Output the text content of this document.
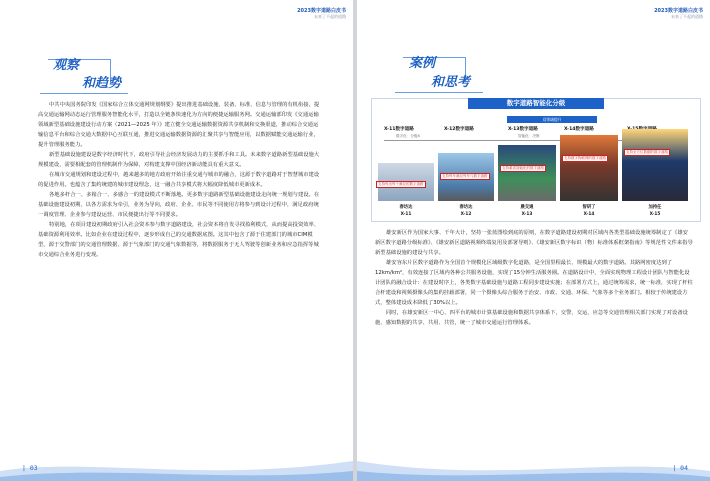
2023数字道路白皮书
未来了不起的道路
观察
和趋势

中共中央国务院印发《国家综合立体交通网规划纲要》提出推进基础设施、装备、标准、信息与管理的有机衔接，提高交通运输网动态运行管理服务智能化水平，打造以全链条快速化为方向的便捷运输服务网。交通运输部印发《交通运输领域新型基础设施建设行动方案（2021—2025 年）》建立健全交通运输数据资源共享机制和交换渠道，推动综合交通运输信息平台和综合交通大数据中心互联互通，推进交通运输数据资源的汇聚共享与智能应用，以数据赋能交通运输行业，提升管理服务能力。

新型基础设施建设是数字经济时代下，政府引导社会经济发展动力的主要抓手和工具。未来数字道路新型基础设施大规模建设，需要相配套的管理机制作为保障，对构建支撑中国经济新动能具有重大意义。

在城市交通规划和建设过程中，越来越多的地方政府开始注重交通与城市的融合，这源于数字道路对于智慧城市建设的促进作用。也蕴含了集约统建的城市建设理念，这一融合共享模式将大幅度降低城市更新成本。

各地多杆合一、多箱合一、多感合一的建设模式不断落地。更多数字道路新型基础设施建设走向统一规划与建设。在基础设施建设初期，以各方需求为牵引，业务为导向，政府、企业、市民等不同使用方将参与到设计过程中，满足政府统一调度管理、企业参与建设运营、市民便捷出行等不同要求。

特别地，在项目建设初期政府引入社会资本参与数字道路建设，社会资本将自发寻找盈利模式，从而提高投资效率、基础资源利用效率。比如企业在建设过程中，逐步形成自己的交通数据底图。这其中包含了源于住建部门的城市CIM模型，源于交警部门的交通管理数据、源于气象部门的交通气象数据等，将数据服务于无人驾驶等创新业务和应急指挥等城市交通综合业务进行变现。

| 03
2023数字道路白皮书
未来了不起的道路
案例
和思考
数字道路智能化分级
X-11数字道路	X-12数字道路	X-13数字道路	X-14数字道路
双领域提升
数字化：分级X	智能化：决断
支持每出每个满足的数字道路
支持每车满足每车与数字道路
支持重高智能化的数字道路
支持数字物联网的数字道路
支持全方位数据的数字道路
春坊达
X-11
春坊达
X-12
晨交通
X-13
智研了
X-14
加持任
X-15

雄安新区作为国家大事、千年大计，坚持一张蓝图绘到底的原则，在数字道路建设初期对区域内各类型基础设施统筹制定了《雄安新区数字道路分级标准》、《雄安新区道路视频终端复用及部署导则》、《雄安新区数字标识（物）标准体系框架指南》等规范性文件来指导新型基础设施的建设与共享。

雄安容东片区数字道路作为全国首个规模化区域级数字化道路，是全国里程最长、规模最大的数字道路。其路网密度达到了12km/km²，有效连接了区域内各种公共服务设施，实现了15分钟生活服务圈。在道路设计中，全面实现物理工程设计团队与智能化设计团队的融合设计：在建设时序上，各类数字基础设施与道路工程同步建设实施；在部署方式上，通过统筹需求，统一标准，实现了杆柱合杆建设和视频摄像头的集约挂载部署，同一个摄像头综合服务于治安、市政、交通、环保、气象等多个业务部门。相较于传统建设方式，整体建设成本降低了30%以上。

同时，在雄安新区一中心、四平台的城市计算基础设施和数据共享体系下，交警、交运、应急等交通管理相关部门实现了对设备设施、感知数据的共享、共用、共管，统一了城市交通运行管理体系。

| 04
